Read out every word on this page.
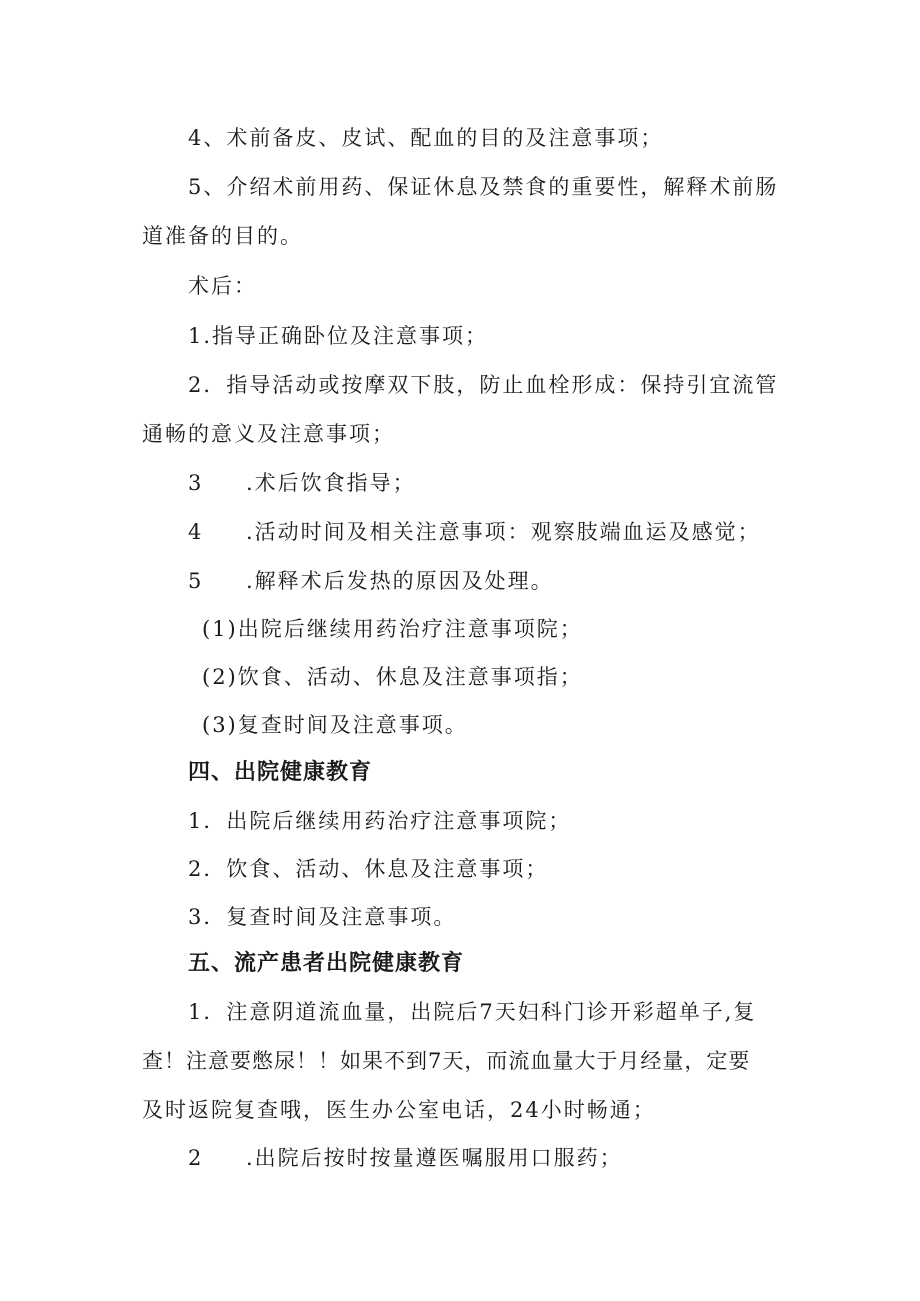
4、术前备皮、皮试、配血的目的及注意事项；
5、介绍术前用药、保证休息及禁食的重要性，解释术前肠
道准备的目的。
术后：
1.指导正确卧位及注意事项；
2．指导活动或按摩双下肢，防止血栓形成：保持引宜流管
通畅的意义及注意事项；
3 .术后饮食指导；
4 .活动时间及相关注意事项：观察肢端血运及感觉；
5 .解释术后发热的原因及处理。
(1)出院后继续用药治疗注意事项院；
(2)饮食、活动、休息及注意事项指；
(3)复查时间及注意事项。
四、出院健康教育
1．出院后继续用药治疗注意事项院；
2．饮食、活动、休息及注意事项；
3．复查时间及注意事项。
五、流产患者出院健康教育
1．注意阴道流血量，出院后7天妇科门诊开彩超单子,复
查！注意要憋尿！！如果不到7天，而流血量大于月经量，定要
及时返院复查哦，医生办公室电话，24小时畅通；
2 .出院后按时按量遵医嘱服用口服药；
